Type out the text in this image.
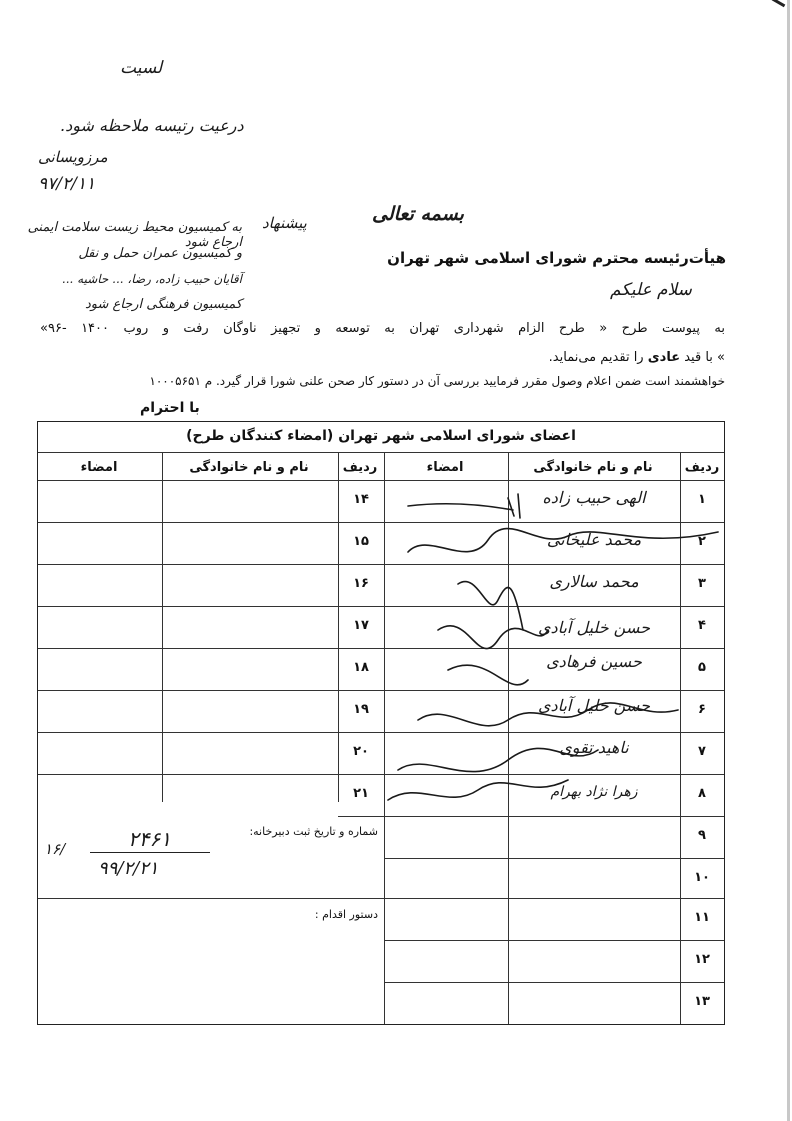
لسیت
درعیت رتیسه ملاحظه شود.
مرزویسانی
۹۷/۲/۱۱
بسمه تعالی
پیشنهاد
به کمیسیون محیط زیست سلامت ایمنی ارجاع شود
و کمیسیون عمران حمل و نقل
آقایان حبیب زاده، رضا، ... حاشیه ...
کمیسیون فرهنگی ارجاع شود
هیأت‌رئیسه محترم شورای اسلامی شهر تهران
سلام علیکم
به پیوست طرح « طرح الزام شهرداری تهران به توسعه و تجهیز ناوگان رفت و روب ۱۴۰۰ -۹۶»
» با قید عادی را تقدیم می‌نماید.
خواهشمند است ضمن اعلام وصول مقرر فرمایید بررسی آن در دستور کار صحن علنی شورا قرار گیرد. م ۱۰۰۰۵۶۵۱
با احترام
اعضای شورای اسلامی شهر تهران (امضاء کنندگان طرح)
ردیف
نام و نام خانوادگی
امضاء
ردیف
نام و نام خانوادگی
امضاء
۱
۲
۳
۴
۵
۶
۷
۸
۹
۱۰
۱۱
۱۲
۱۳
۱۴
۱۵
۱۶
۱۷
۱۸
۱۹
۲۰
۲۱
الهی حبیب زاده
محمد علیخانی
محمد سالاری
حسن خلیل آبادی
حسین فرهادی
حسن خلیل آبادی
ناهید تقوی
زهرا نژاد بهرام
شماره و تاریخ ثبت دبیرخانه:
۲۴۶۱
۱۶/
۹۹/۲/۲۱
دستور اقدام :
